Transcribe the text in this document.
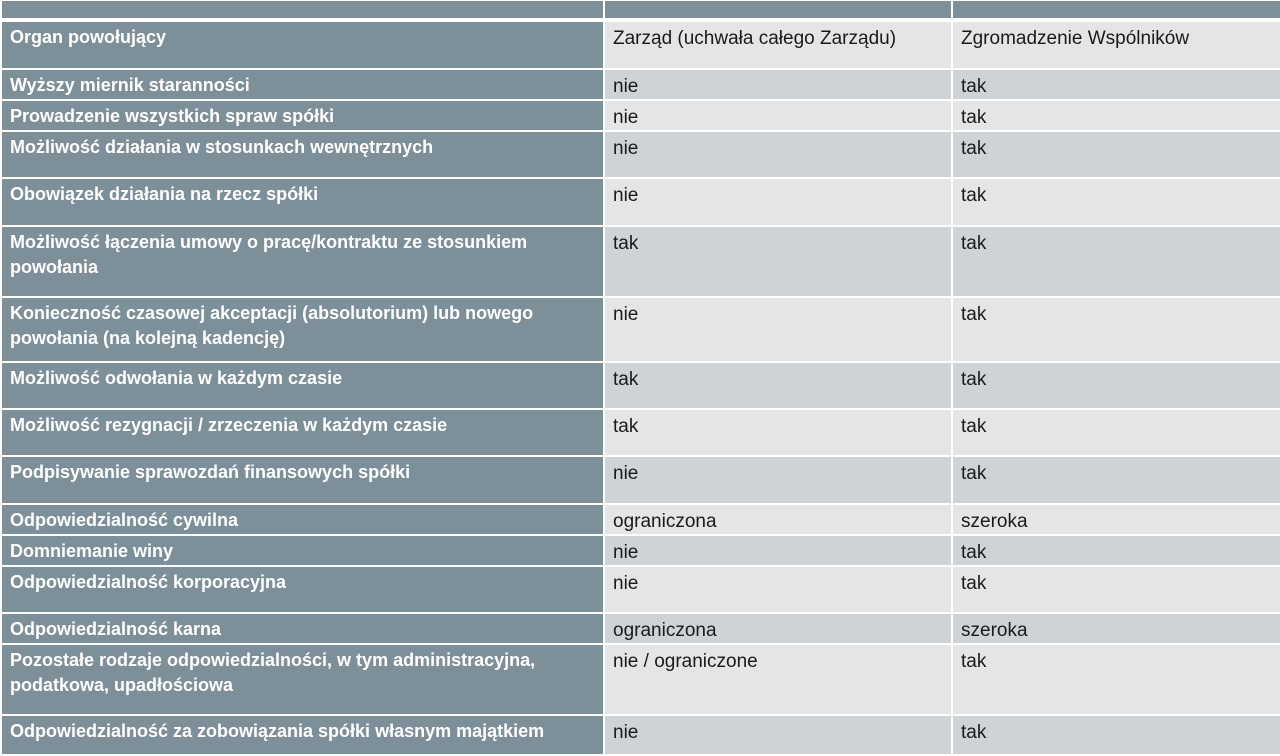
Organ powołujący	Zarząd (uchwała całego Zarządu)	Zgromadzenie Wspólników
Wyższy miernik staranności	nie	tak
Prowadzenie wszystkich spraw spółki	nie	tak
Możliwość działania w stosunkach wewnętrznych	nie	tak
Obowiązek działania na rzecz spółki	nie	tak
Możliwość łączenia umowy o pracę/kontraktu ze stosunkiem powołania	tak	tak
Konieczność czasowej akceptacji (absolutorium) lub nowego powołania (na kolejną kadencję)	nie	tak
Możliwość odwołania w każdym czasie	tak	tak
Możliwość rezygnacji / zrzeczenia w każdym czasie	tak	tak
Podpisywanie sprawozdań finansowych spółki	nie	tak
Odpowiedzialność cywilna	ograniczona	szeroka
Domniemanie winy	nie	tak
Odpowiedzialność korporacyjna	nie	tak
Odpowiedzialność karna	ograniczona	szeroka
Pozostałe rodzaje odpowiedzialności, w tym administracyjna, podatkowa, upadłościowa	nie / ograniczone	tak
Odpowiedzialność za zobowiązania spółki własnym majątkiem	nie	tak
